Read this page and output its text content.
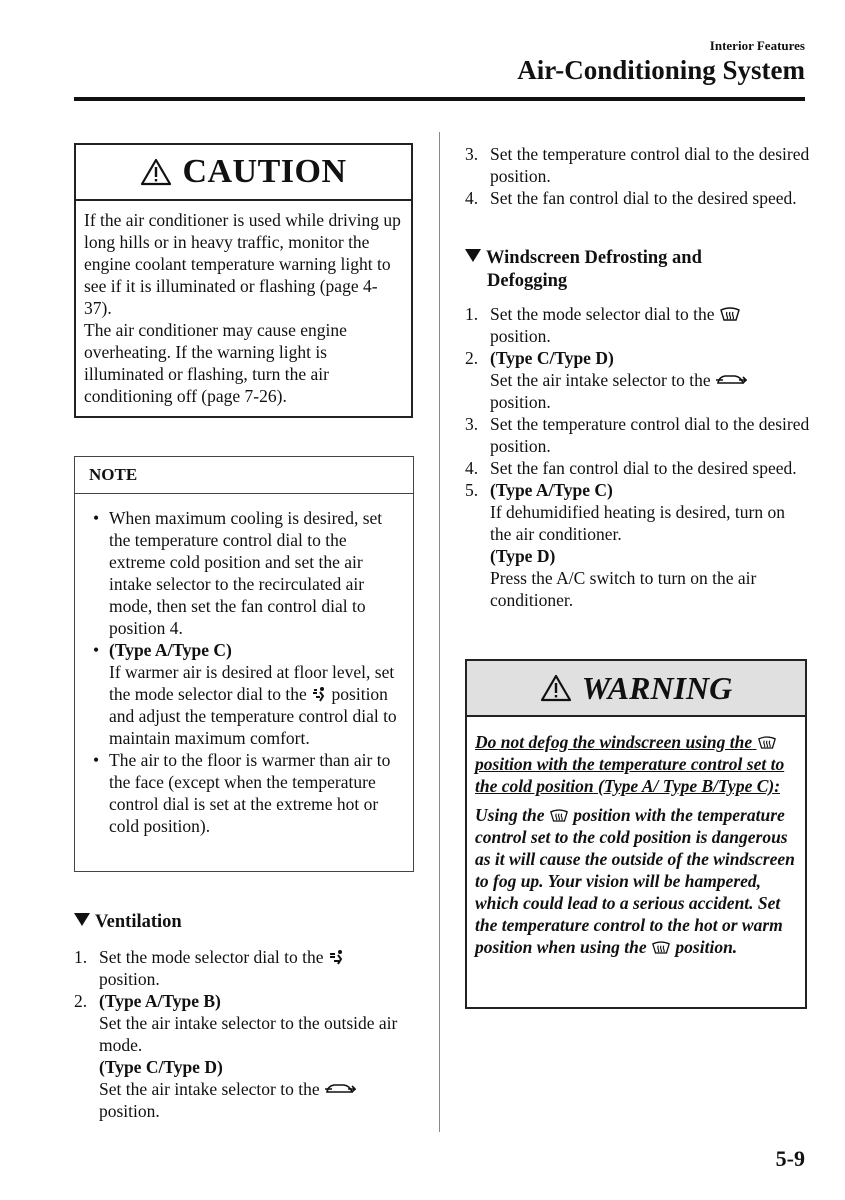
Interior Features
Air-Conditioning System
CAUTION

If the air conditioner is used while driving up long hills or in heavy traffic, monitor the engine coolant temperature warning light to see if it is illuminated or flashing (page 4-37).

The air conditioner may cause engine overheating. If the warning light is illuminated or flashing, turn the air conditioning off (page 7-26).

NOTE
• When maximum cooling is desired, set the temperature control dial to the extreme cold position and set the air intake selector to the recirculated air mode, then set the fan control dial to position 4.
• (Type A/Type C)
If warmer air is desired at floor level, set the mode selector dial to the position and adjust the temperature control dial to maintain maximum comfort.
• The air to the floor is warmer than air to the face (except when the temperature control dial is set at the extreme hot or cold position).
Ventilation
1. Set the mode selector dial to the
position.
2. (Type A/Type B)
Set the air intake selector to the outside air mode.
(Type C/Type D)
Set the air intake selector to the
position.
3. Set the temperature control dial to the desired position.
4. Set the fan control dial to the desired speed.
Windscreen Defrosting and
Defogging
1. Set the mode selector dial to the
position.
2. (Type C/Type D)
Set the air intake selector to the
position.
3. Set the temperature control dial to the desired position.
4. Set the fan control dial to the desired speed.
5. (Type A/Type C)
If dehumidified heating is desired, turn on the air conditioner.
(Type D)
Press the A/C switch to turn on the air conditioner.
WARNING

Do not defog the windscreen using the  position with the temperature control set to the cold position (Type A/ Type B/Type C):

Using the position with the temperature control set to the cold position is dangerous as it will cause the outside of the windscreen to fog up. Your vision will be hampered, which could lead to a serious accident. Set the temperature control to the hot or warm position when using the position.

5-9
